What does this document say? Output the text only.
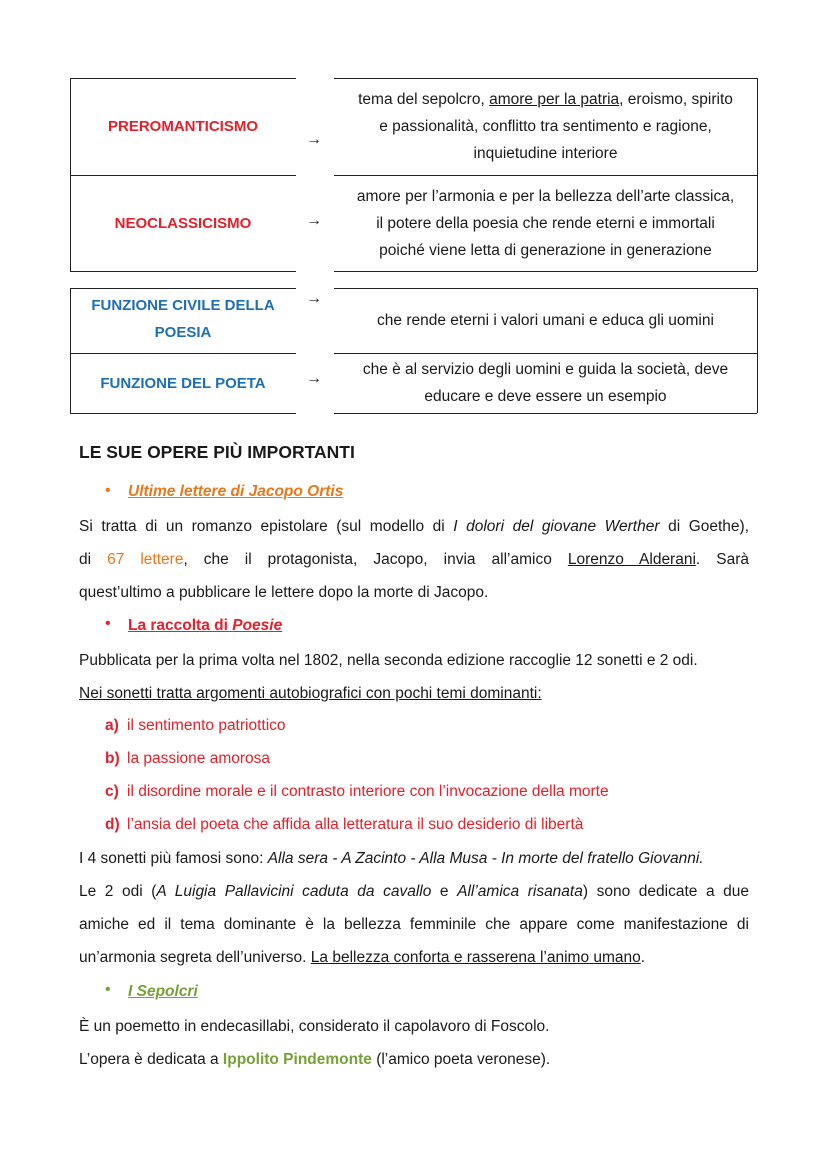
PREROMANTICISMO
→
tema del sepolcro, amore per la patria, eroismo, spirito
e passionalità, conflitto tra sentimento e ragione,
inquietudine interiore
NEOCLASSICISMO	→
amore per l’armonia e per la bellezza dell’arte classica,
il potere della poesia che rende eterni e immortali
poiché viene letta di generazione in generazione
FUNZIONE CIVILE DELLA
POESIA
→
che rende eterni i valori umani e educa gli uomini
FUNZIONE DEL POETA	→
che è al servizio degli uomini e guida la società, deve
educare e deve essere un esempio
LE SUE OPERE PIÙ IMPORTANTI
• Ultime lettere di Jacopo Ortis
Si tratta di un romanzo epistolare (sul modello di I dolori del giovane Werther di Goethe),
di 67 lettere, che il protagonista, Jacopo, invia all’amico Lorenzo Alderani. Sarà
quest’ultimo a pubblicare le lettere dopo la morte di Jacopo.
• La raccolta di Poesie
Pubblicata per la prima volta nel 1802, nella seconda edizione raccoglie 12 sonetti e 2 odi.
Nei sonetti tratta argomenti autobiografici con pochi temi dominanti:
a) il sentimento patriottico
b) la passione amorosa
c) il disordine morale e il contrasto interiore con l’invocazione della morte
d) l’ansia del poeta che affida alla letteratura il suo desiderio di libertà
I 4 sonetti più famosi sono: Alla sera - A Zacinto - Alla Musa - In morte del fratello Giovanni.
Le 2 odi (A Luigia Pallavicini caduta da cavallo e All’amica risanata) sono dedicate a due
amiche ed il tema dominante è la bellezza femminile che appare come manifestazione di
un’armonia segreta dell’universo. La bellezza conforta e rasserena l’animo umano.
• I Sepolcri
È un poemetto in endecasillabi, considerato il capolavoro di Foscolo.
L’opera è dedicata a Ippolito Pindemonte (l’amico poeta veronese).
